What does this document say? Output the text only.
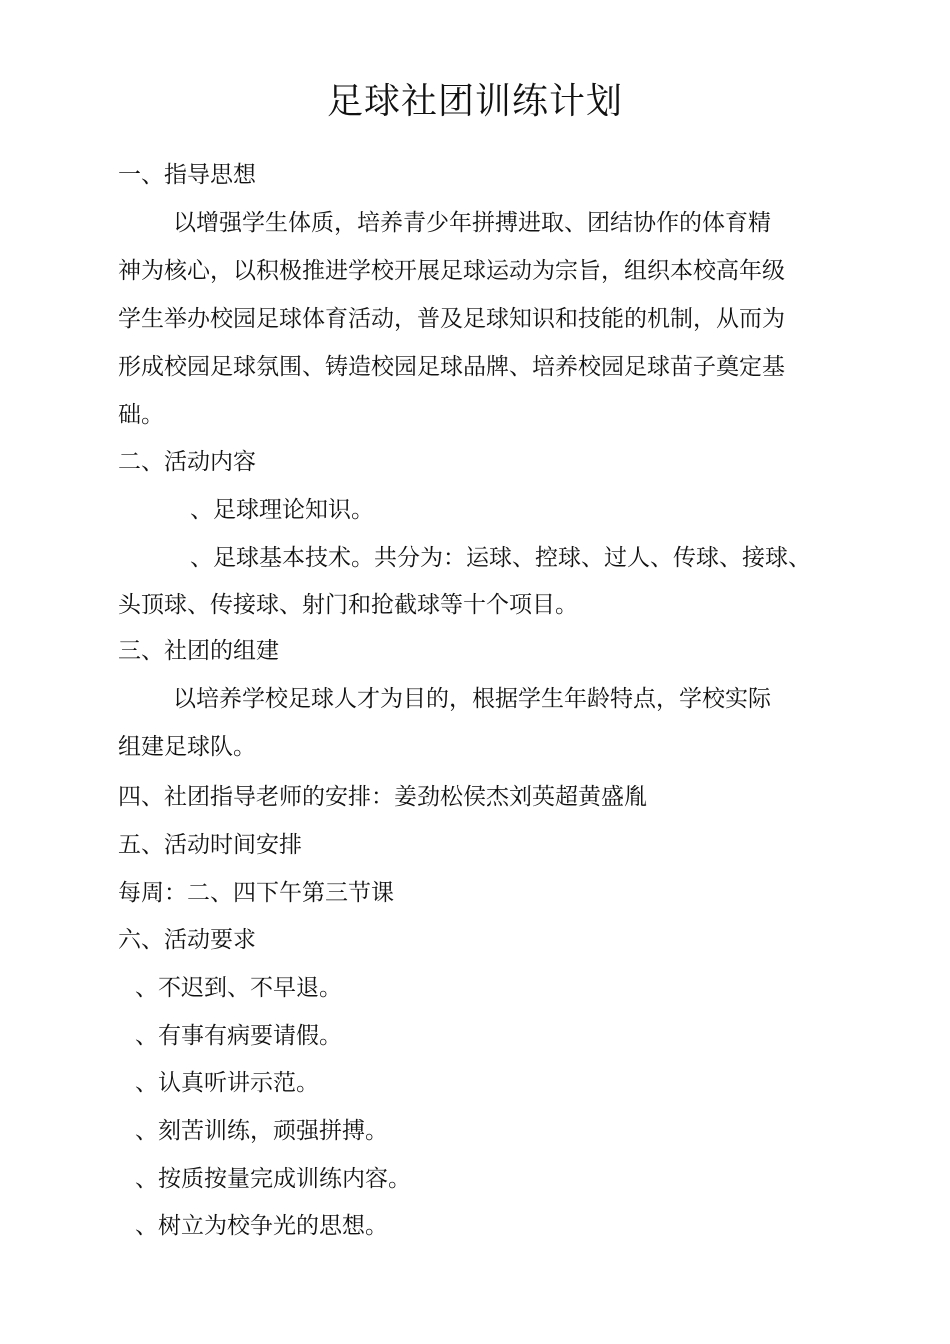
足球社团训练计划
一、指导思想
以增强学生体质，培养青少年拼搏进取、团结协作的体育精
神为核心，以积极推进学校开展足球运动为宗旨，组织本校高年级
学生举办校园足球体育活动，普及足球知识和技能的机制，从而为
形成校园足球氛围、铸造校园足球品牌、培养校园足球苗子奠定基
础。
二、活动内容
、足球理论知识。
、足球基本技术。共分为：运球、控球、过人、传球、接球、
头顶球、传接球、射门和抢截球等十个项目。
三、社团的组建
以培养学校足球人才为目的，根据学生年龄特点，学校实际
组建足球队。
四、社团指导老师的安排：姜劲松侯杰刘英超黄盛胤
五、活动时间安排
每周：二、四下午第三节课
六、活动要求
、不迟到、不早退。
、有事有病要请假。
、认真听讲示范。
、刻苦训练，顽强拼搏。
、按质按量完成训练内容。
、树立为校争光的思想。
